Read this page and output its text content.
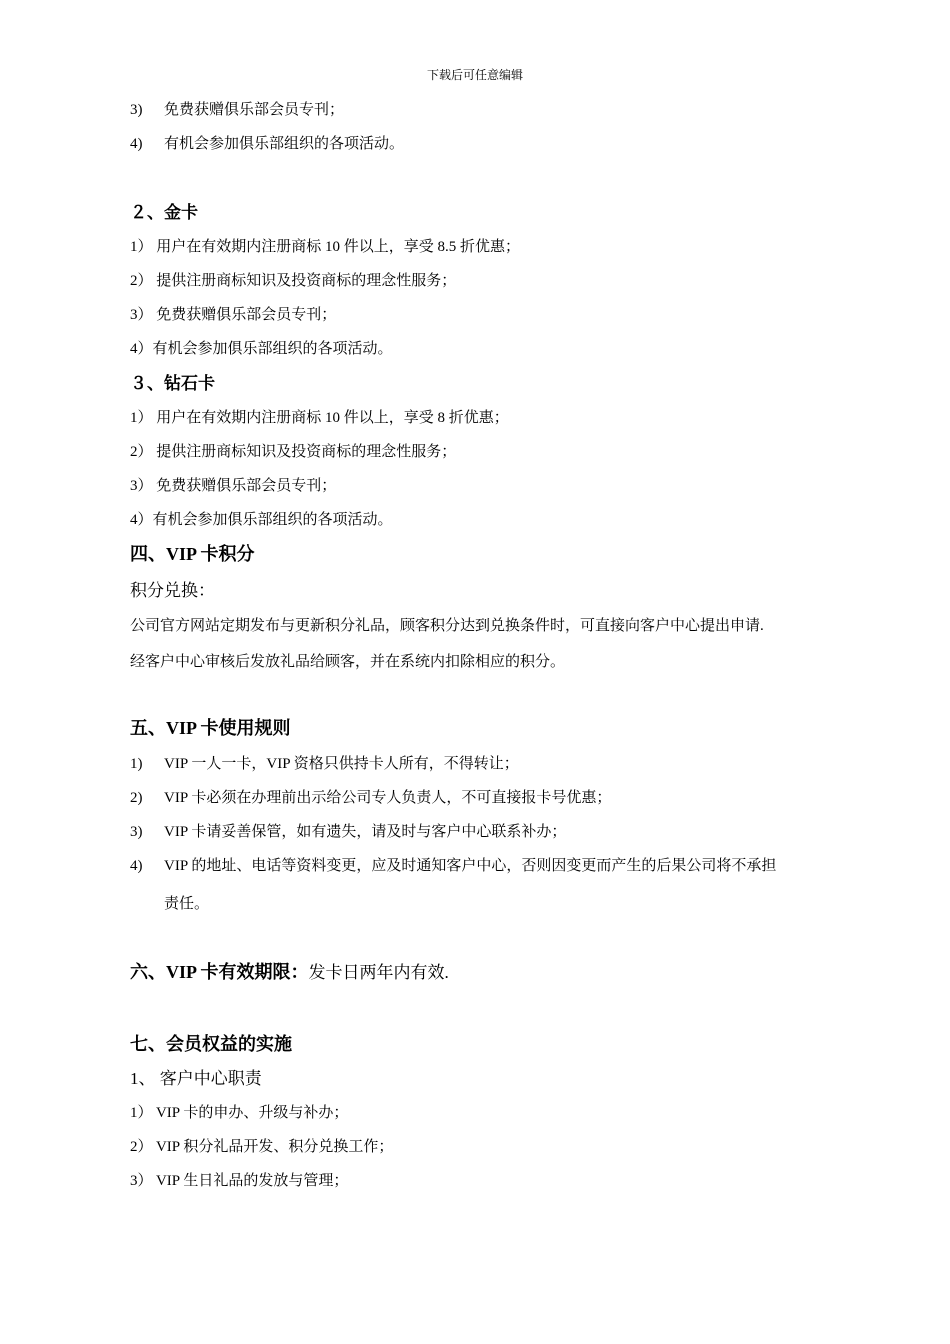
下载后可任意编辑
3) 免费获赠俱乐部会员专刊；
4) 有机会参加俱乐部组织的各项活动。
２、金卡
1） 用户在有效期内注册商标 10 件以上，享受 8.5 折优惠；
2） 提供注册商标知识及投资商标的理念性服务；
3） 免费获赠俱乐部会员专刊；
4）有机会参加俱乐部组织的各项活动。
３、钻石卡
1） 用户在有效期内注册商标 10 件以上，享受 8 折优惠；
2） 提供注册商标知识及投资商标的理念性服务；
3） 免费获赠俱乐部会员专刊；
4）有机会参加俱乐部组织的各项活动。
四、VIP 卡积分
积分兑换：
公司官方网站定期发布与更新积分礼品，顾客积分达到兑换条件时，可直接向客户中心提出申请.
经客户中心审核后发放礼品给顾客，并在系统内扣除相应的积分。
五、VIP 卡使用规则
1) VIP 一人一卡，VIP 资格只供持卡人所有，不得转让；
2) VIP 卡必须在办理前出示给公司专人负责人，不可直接报卡号优惠；
3) VIP 卡请妥善保管，如有遗失，请及时与客户中心联系补办；
4) VIP 的地址、电话等资料变更，应及时通知客户中心，否则因变更而产生的后果公司将不承担
责任。
六、VIP 卡有效期限：发卡日两年内有效.
七、会员权益的实施
1、 客户中心职责
1） VIP 卡的申办、升级与补办；
2） VIP 积分礼品开发、积分兑换工作；
3） VIP 生日礼品的发放与管理；
